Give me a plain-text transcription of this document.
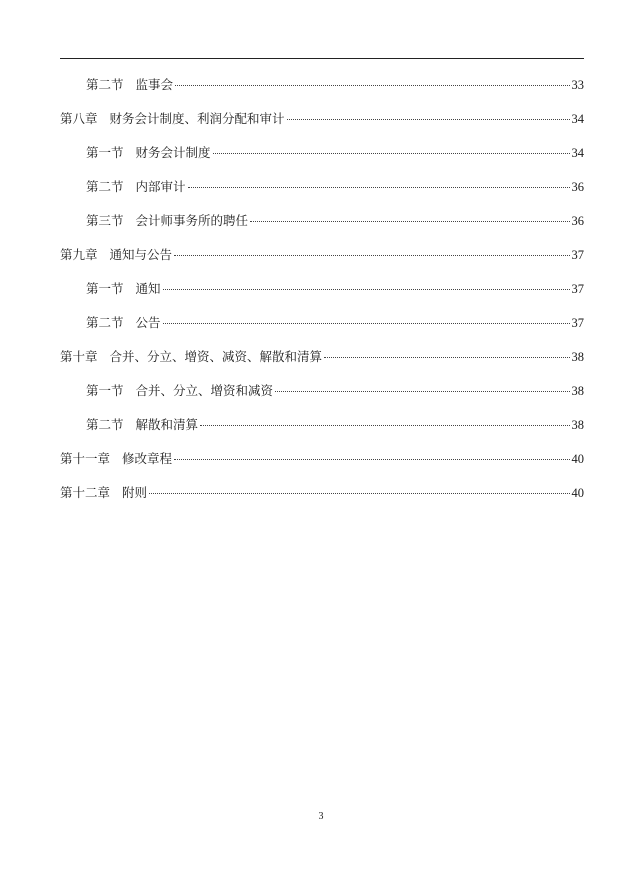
第二节 监事会	33
第八章 财务会计制度、利润分配和审计	34
第一节 财务会计制度	34
第二节 内部审计	36
第三节 会计师事务所的聘任	36
第九章 通知与公告	37
第一节 通知	37
第二节 公告	37
第十章 合并、分立、增资、减资、解散和清算	38
第一节 合并、分立、增资和减资	38
第二节 解散和清算	38
第十一章 修改章程	40
第十二章 附则	40
3
